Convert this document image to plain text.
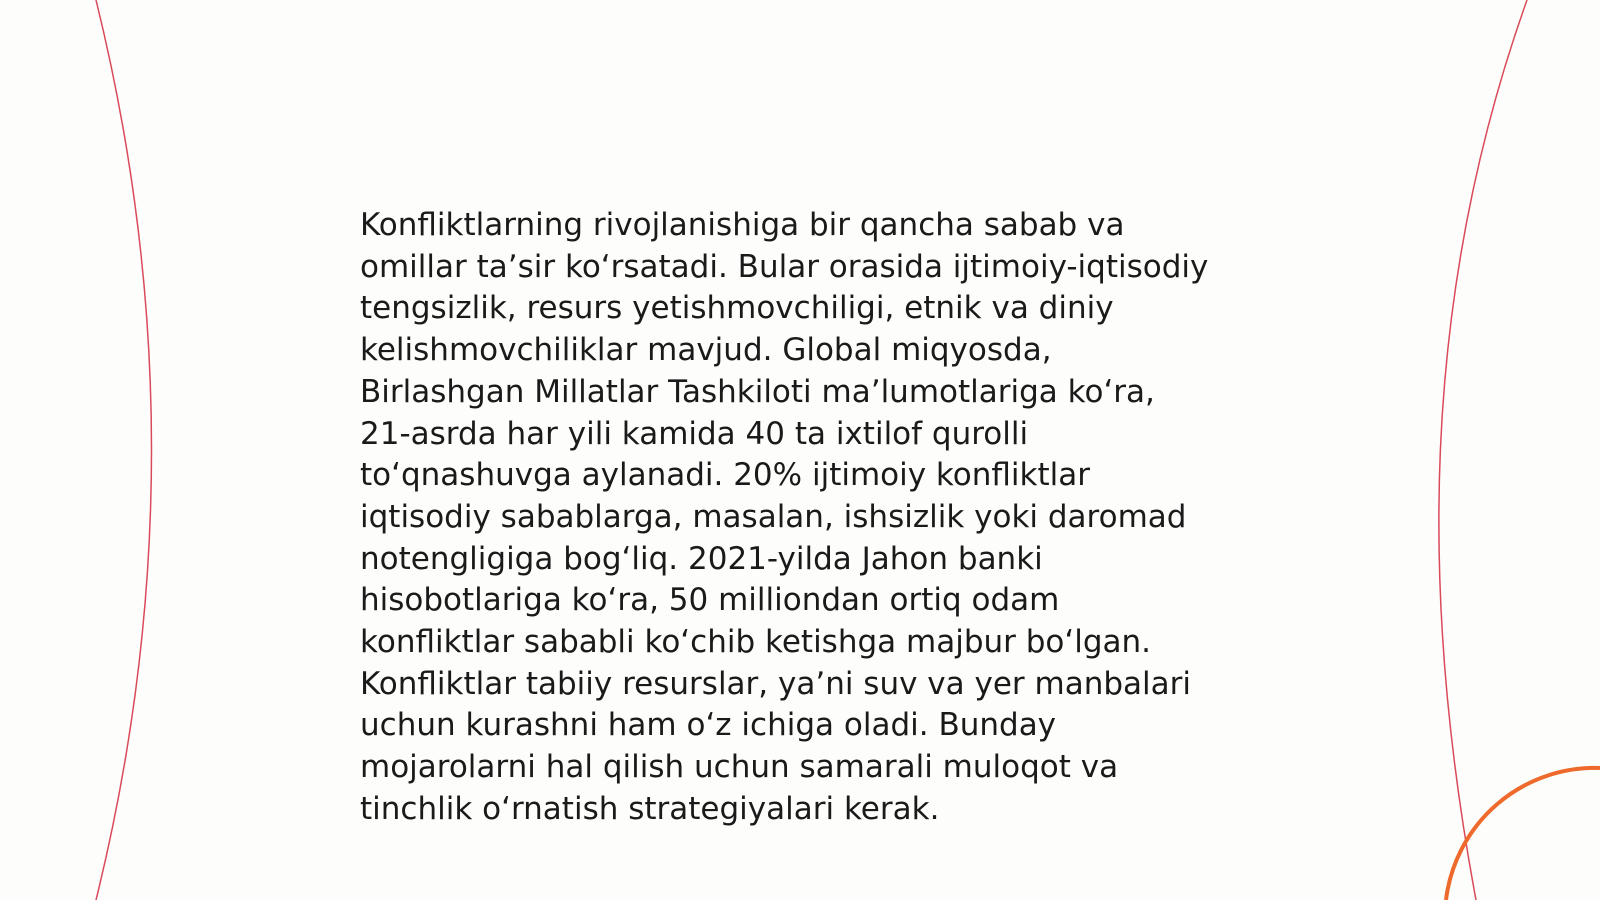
Konfliktlarning rivojlanishiga bir qancha sabab va
omillar ta’sir ko‘rsatadi. Bular orasida ijtimoiy-iqtisodiy
tengsizlik, resurs yetishmovchiligi, etnik va diniy
kelishmovchiliklar mavjud. Global miqyosda,
Birlashgan Millatlar Tashkiloti ma’lumotlariga ko‘ra,
21-asrda har yili kamida 40 ta ixtilof qurolli
to‘qnashuvga aylanadi. 20% ijtimoiy konfliktlar
iqtisodiy sabablarga, masalan, ishsizlik yoki daromad
notengligiga bog‘liq. 2021-yilda Jahon banki
hisobotlariga ko‘ra, 50 milliondan ortiq odam
konfliktlar sababli ko‘chib ketishga majbur bo‘lgan.
Konfliktlar tabiiy resurslar, ya’ni suv va yer manbalari
uchun kurashni ham o‘z ichiga oladi. Bunday
mojarolarni hal qilish uchun samarali muloqot va
tinchlik o‘rnatish strategiyalari kerak.
